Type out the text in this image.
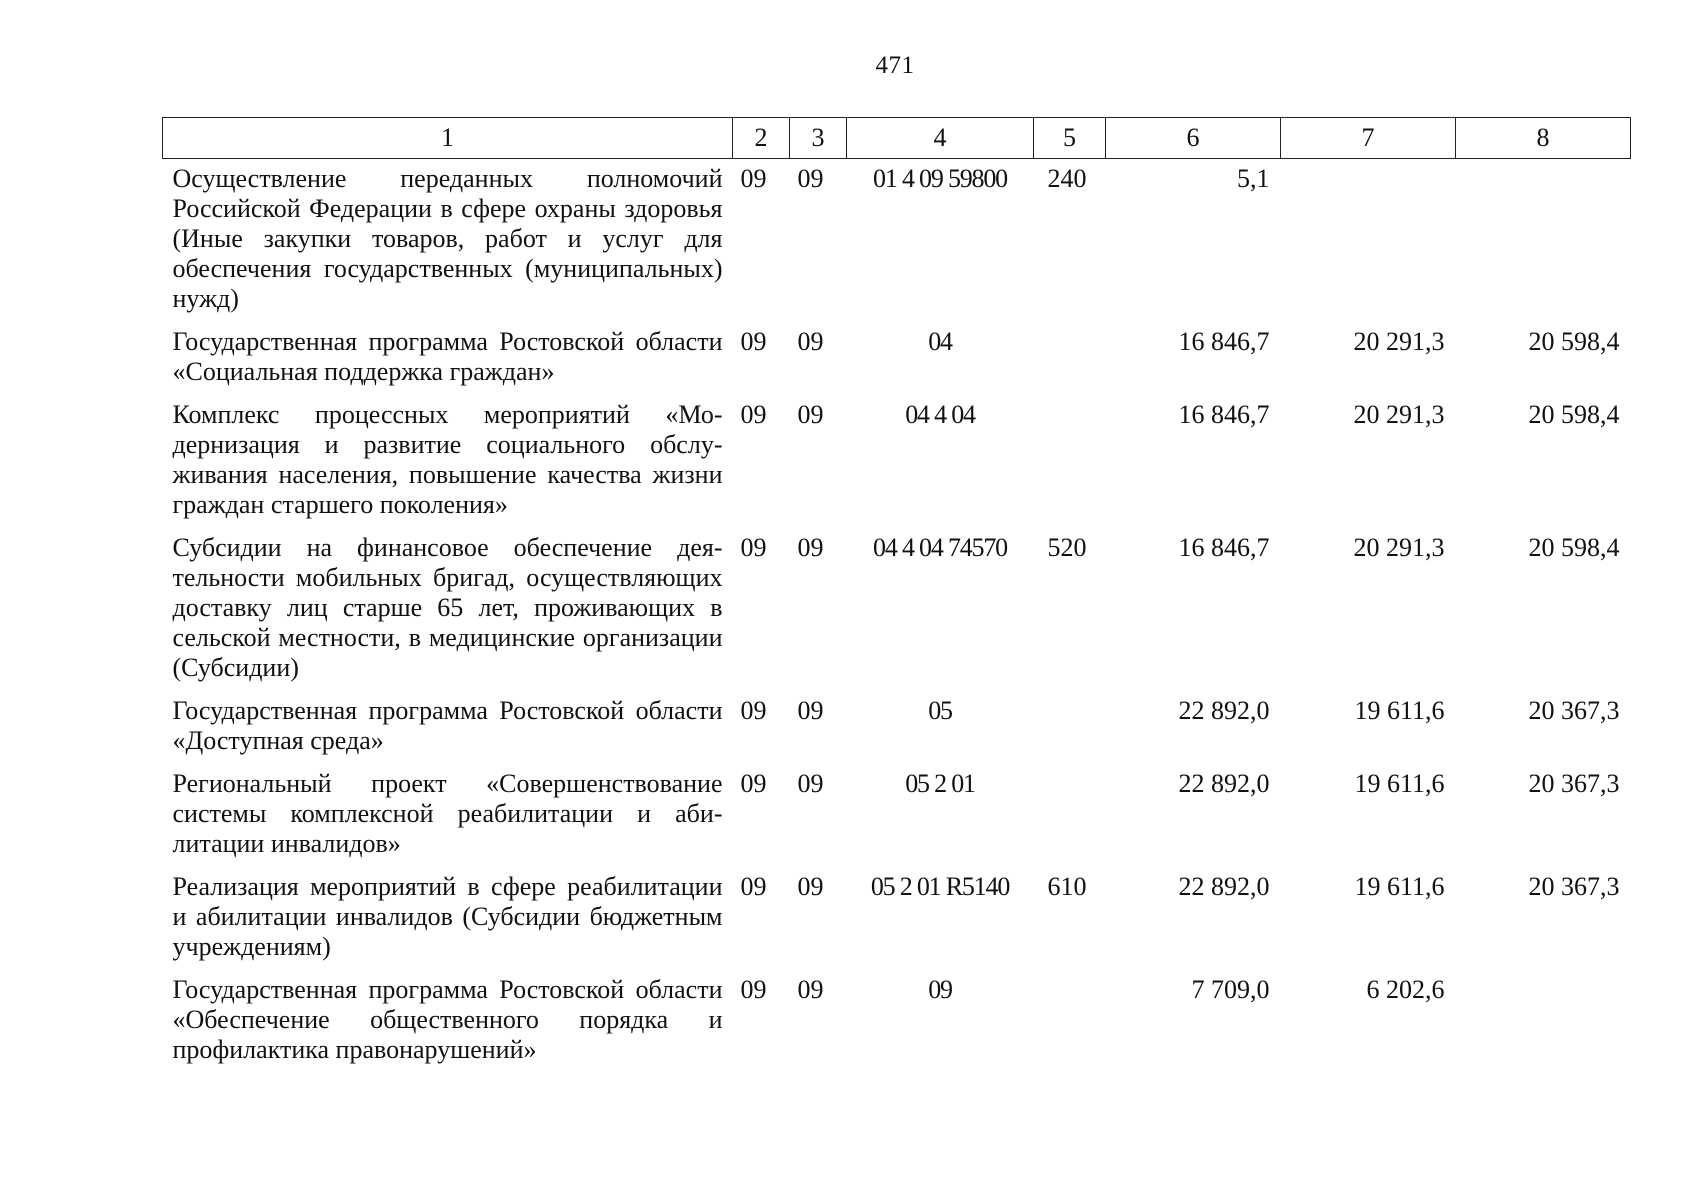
471
1	2	3	4	5	6	7	8
Осуществление переданных полномочий Российской Федерации в сфере охраны здоровья (Иные закупки товаров, работ и услуг для обеспечения государственных (муниципальных) нужд)	09	09	01 4 09 59800	240	5,1		
Государственная программа Ростовской области «Социальная поддержка граждан»	09	09	04		16 846,7	20 291,3	20 598,4
Комплекс процессных мероприятий «Модернизация и развитие социального обслуживания населения, повышение качества жизни граждан старшего поколения»	09	09	04 4 04		16 846,7	20 291,3	20 598,4
Субсидии на финансовое обеспечение деятельности мобильных бригад, осуществляющих доставку лиц старше 65 лет, проживающих в сельской местности, в медицинские организации (Субсидии)	09	09	04 4 04 74570	520	16 846,7	20 291,3	20 598,4
Государственная программа Ростовской области «Доступная среда»	09	09	05		22 892,0	19 611,6	20 367,3
Региональный проект «Совершенствование системы комплексной реабилитации и абилитации инвалидов»	09	09	05 2 01		22 892,0	19 611,6	20 367,3
Реализация мероприятий в сфере реабилитации и абилитации инвалидов (Субсидии бюджетным учреждениям)	09	09	05 2 01 R5140	610	22 892,0	19 611,6	20 367,3
Государственная программа Ростовской области «Обеспечение общественного порядка и профилактика правонарушений»	09	09	09		7 709,0	6 202,6	
